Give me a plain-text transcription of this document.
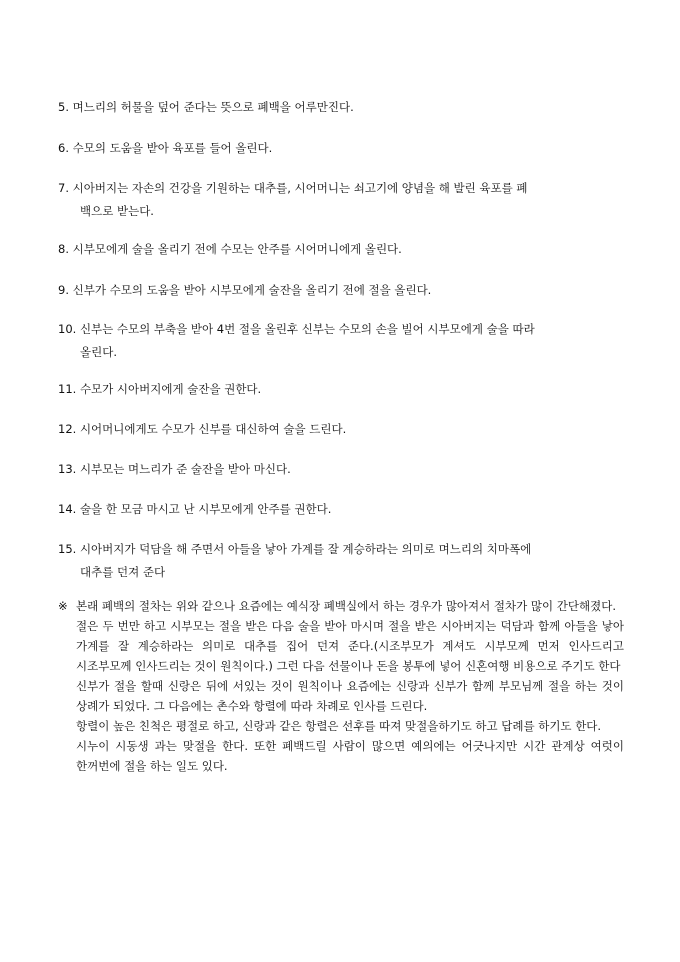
5. 며느리의 허물을 덮어 준다는 뜻으로 폐백을 어루만진다.
6. 수모의 도움을 받아 육포를 들어 올린다.
7. 시아버지는 자손의 건강을 기원하는 대추를, 시어머니는 쇠고기에 양념을 해 발린 육포를 폐
백으로 받는다.
8. 시부모에게 술을 올리기 전에 수모는 안주를 시어머니에게 올린다.
9. 신부가 수모의 도움을 받아 시부모에게 술잔을 올리기 전에 절을 올린다.
10. 신부는 수모의 부축을 받아 4번 절을 올린후 신부는 수모의 손을 빌어 시부모에게 술을 따라
올린다.
11. 수모가 시아버지에게 술잔을 권한다.
12. 시어머니에게도 수모가 신부를 대신하여 술을 드린다.
13. 시부모는 며느리가 준 술잔을 받아 마신다.
14. 술을 한 모금 마시고 난 시부모에게 안주를 권한다.
15. 시아버지가 덕담을 해 주면서 아들을 낳아 가계를 잘 계승하라는 의미로 며느리의 치마폭에
대추를 던져 준다
※ 본래 폐백의 절차는 위와 같으나 요즘에는 예식장 폐백실에서 하는 경우가 많아져서 절차가 많이 간단해졌다.

절은 두 번만 하고 시부모는 절을 받은 다음 술을 받아 마시며 절을 받은 시아버지는 덕담과 함께 아들을 낳아 가계를 잘 계승하라는 의미로 대추를 집어 던져 준다.(시조부모가 계셔도 시부모께 먼저 인사드리고 시조부모께 인사드리는 것이 원칙이다.) 그런 다음 선물이나 돈을 봉투에 넣어 신혼여행 비용으로 주기도 한다

신부가 절을 할때 신랑은 뒤에 서있는 것이 원칙이나 요즘에는 신랑과 신부가 함께 부모님께 절을 하는 것이 상례가 되었다. 그 다음에는 촌수와 항렬에 따라 차례로 인사를 드린다.

항렬이 높은 친척은 평절로 하고, 신랑과 같은 항렬은 선후를 따져 맞절을하기도 하고 답례를 하기도 한다.

시누이 시동생 과는 맞절을 한다. 또한 폐백드릴 사람이 많으면 예의에는 어긋나지만 시간 관계상 여럿이 한꺼번에 절을 하는 일도 있다.
